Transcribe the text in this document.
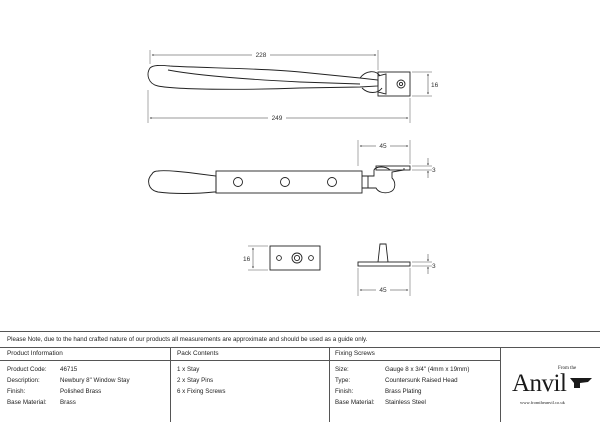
228
249
16
45
3
16
45
3
Please Note, due to the hand crafted nature of our products all measurements are approximate and should be used as a guide only.
Product Information	Pack Contents	Fixing Screws
Product Code: 46715
Description:	Newbury 8" Window Stay
Finish:	Polished Brass
Base Material: Brass
1 x Stay
2 x Stay Pins
6 x Fixing Screws
Size:	Gauge 8 x 3/4" (4mm x 19mm)
Type:	Countersunk Raised Head
Finish:	Brass Plating
Base Material: Stainless Steel
From the
Anvil
www.fromtheanvil.co.uk
